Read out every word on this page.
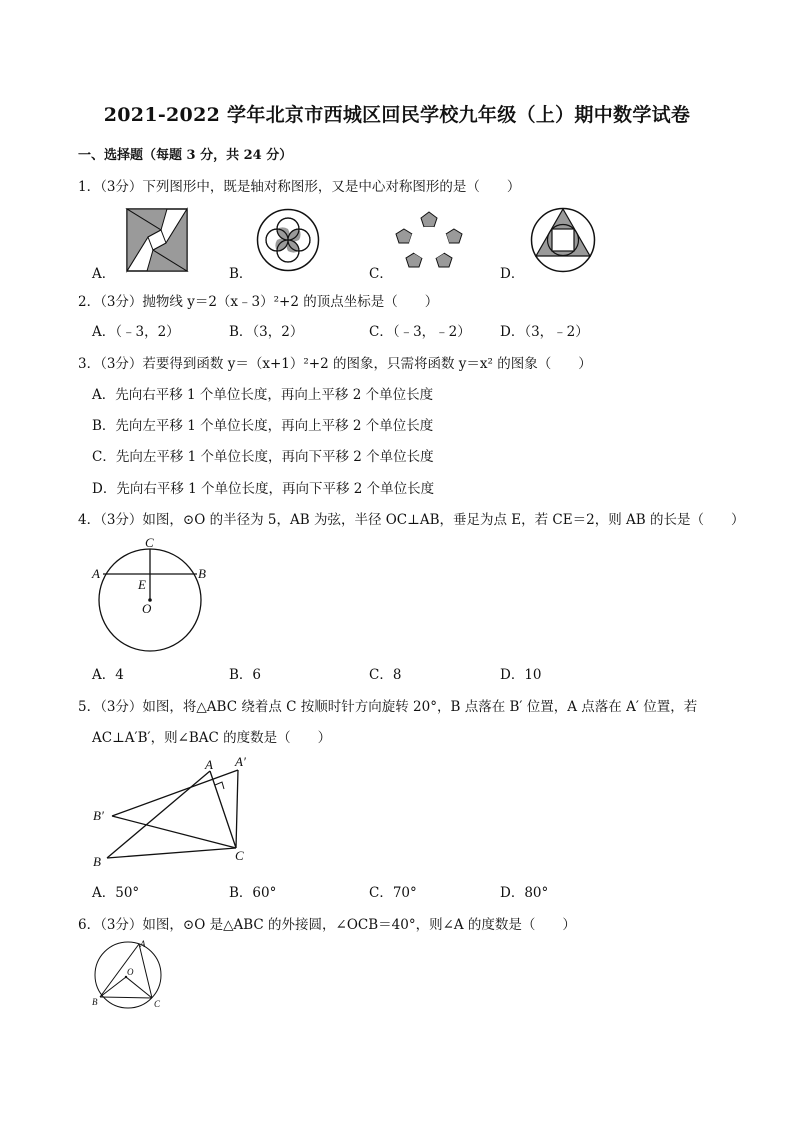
2021-2022 学年北京市西城区回民学校九年级（上）期中数学试卷
一、选择题（每题 3 分，共 24 分）
1．（3分）下列图形中，既是轴对称图形，又是中心对称图形的是（　　）
A．	B．	C．	D．
2．（3分）抛物线 y＝2（x﹣3）²+2 的顶点坐标是（　　）
A．（﹣3，2）	B．（3，2）	C．（﹣3，﹣2） D．（3，﹣2）
3．（3分）若要得到函数 y＝（x+1）²+2 的图象，只需将函数 y＝x² 的图象（　　）
A．先向右平移 1 个单位长度，再向上平移 2 个单位长度
B．先向左平移 1 个单位长度，再向上平移 2 个单位长度
C．先向左平移 1 个单位长度，再向下平移 2 个单位长度
D．先向右平移 1 个单位长度，再向下平移 2 个单位长度
4．（3分）如图，⊙O 的半径为 5，AB 为弦，半径 OC⊥AB，垂足为点 E，若 CE＝2，则 AB 的长是（　　）
C
A	B
E
O
A．4	B．6	C．8	D．10
5．（3分）如图，将△ABC 绕着点 C 按顺时针方向旋转 20°，B 点落在 B′ 位置，A 点落在 A′ 位置，若
AC⊥A′B′，则∠BAC 的度数是（　　）
A A′
B′
B	C
A．50°	B．60°	C．70°	D．80°
6．（3分）如图，⊙O 是△ABC 的外接圆，∠OCB＝40°，则∠A 的度数是（　　）
A
O
B	C
